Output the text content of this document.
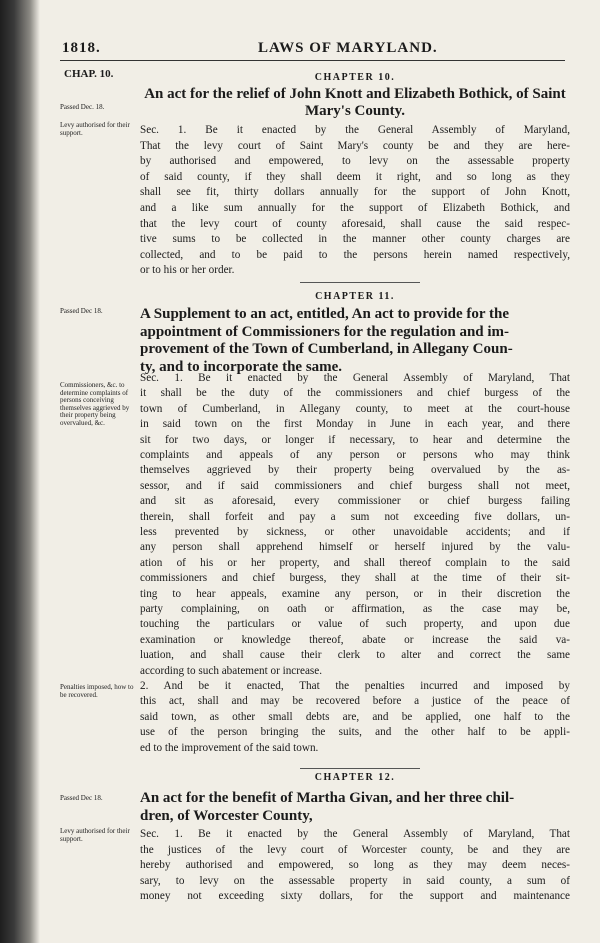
1818.	LAWS OF MARYLAND.
CHAP. 10.	CHAPTER 10.
An act for the relief of John Knott and Elizabeth Bothick, of Saint Mary's County.
Passed Dec. 18.
Levy authorised for their support.	Sec. 1. Be it enacted by the General Assembly of Maryland,
That the levy court of Saint Mary's county be and they are here-
by authorised and empowered, to levy on the assessable property
of said county, if they shall deem it right, and so long as they
shall see fit, thirty dollars annually for the support of John Knott,
and a like sum annually for the support of Elizabeth Bothick, and
that the levy court of county aforesaid, shall cause the said respec-
tive sums to be collected in the manner other county charges are
collected, and to be paid to the persons herein named respectively,
or to his or her order.
CHAPTER 11.
Passed Dec 18.	A Supplement to an act, entitled, An act to provide for the
appointment of Commissioners for the regulation and im-
provement of the Town of Cumberland, in Allegany Coun-
ty, and to incorporate the same.
Commissioners, &c. to determine complaints of persons conceiving themselves aggrieved by their property being overvalued, &c.
Sec. 1. Be it enacted by the General Assembly of Maryland, That
it shall be the duty of the commissioners and chief burgess of the
town of Cumberland, in Allegany county, to meet at the court-house
in said town on the first Monday in June in each year, and there
sit for two days, or longer if necessary, to hear and determine the
complaints and appeals of any person or persons who may think
themselves aggrieved by their property being overvalued by the as-
sessor, and if said commissioners and chief burgess shall not meet,
and sit as aforesaid, every commissioner or chief burgess failing
therein, shall forfeit and pay a sum not exceeding five dollars, un-
less prevented by sickness, or other unavoidable accidents; and if
any person shall apprehend himself or herself injured by the valu-
ation of his or her property, and shall thereof complain to the said
commissioners and chief burgess, they shall at the time of their sit-
ting to hear appeals, examine any person, or in their discretion the
party complaining, on oath or affirmation, as the case may be,
touching the particulars or value of such property, and upon due
examination or knowledge thereof, abate or increase the said va-
luation, and shall cause their clerk to alter and correct the same
according to such abatement or increase.
Penalties imposed, how to be recovered.
2. And be it enacted, That the penalties incurred and imposed by
this act, shall and may be recovered before a justice of the peace of
said town, as other small debts are, and be applied, one half to the
use of the person bringing the suits, and the other half to be appli-
ed to the improvement of the said town.
CHAPTER 12.
Passed Dec 18.	An act for the benefit of Martha Givan, and her three chil-
dren, of Worcester County,
Levy authorised for their support.	Sec. 1. Be it enacted by the General Assembly of Maryland, That
the justices of the levy court of Worcester county, be and they are
hereby authorised and empowered, so long as they may deem neces-
sary, to levy on the assessable property in said county, a sum of
money not exceeding sixty dollars, for the support and maintenance
